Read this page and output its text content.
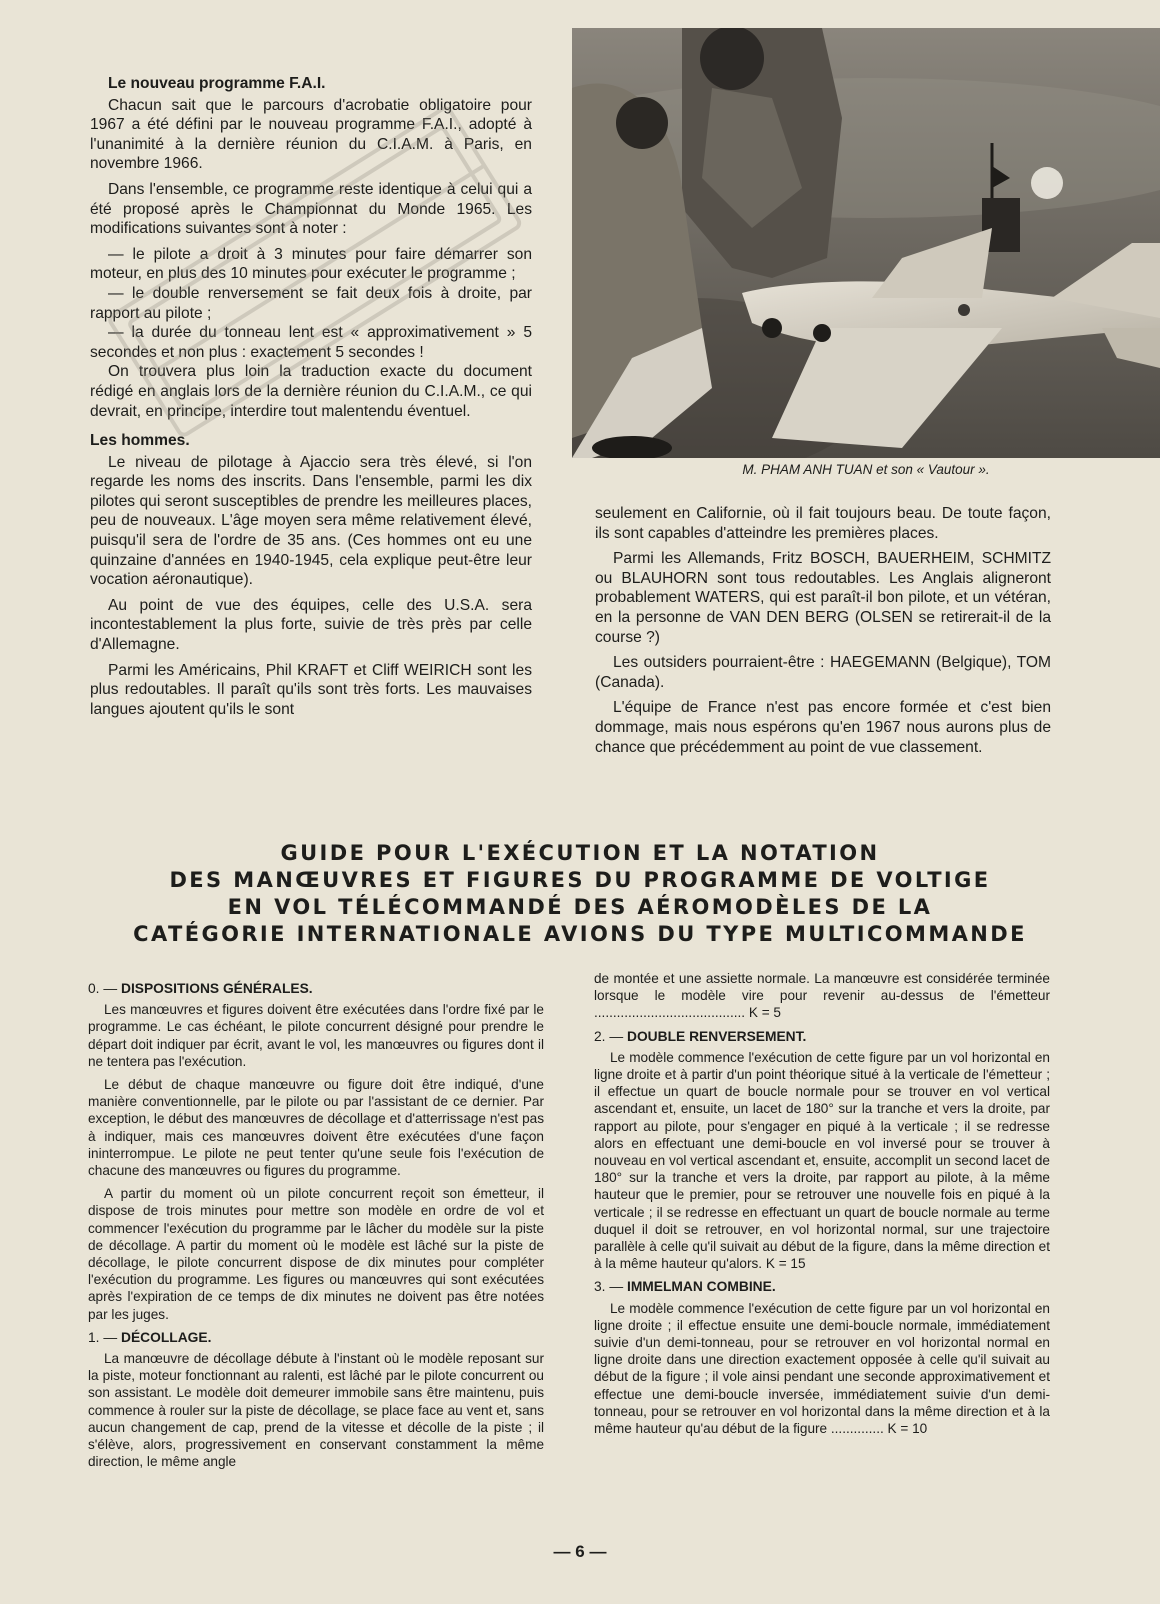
Le nouveau programme F.A.I.

Chacun sait que le parcours d'acrobatie obligatoire pour 1967 a été défini par le nouveau programme F.A.I., adopté à l'unanimité à la dernière réunion du C.I.A.M. à Paris, en novembre 1966.

Dans l'ensemble, ce programme reste identique à celui qui a été proposé après le Championnat du Monde 1965. Les modifications suivantes sont à noter :

— le pilote a droit à 3 minutes pour faire démarrer son moteur, en plus des 10 minutes pour exécuter le programme ;

— le double renversement se fait deux fois à droite, par rapport au pilote ;

— la durée du tonneau lent est « approximativement » 5 secondes et non plus : exactement 5 secondes !

On trouvera plus loin la traduction exacte du document rédigé en anglais lors de la dernière réunion du C.I.A.M., ce qui devrait, en principe, interdire tout malentendu éventuel.

Les hommes.

Le niveau de pilotage à Ajaccio sera très élevé, si l'on regarde les noms des inscrits. Dans l'ensemble, parmi les dix pilotes qui seront susceptibles de prendre les meilleures places, peu de nouveaux. L'âge moyen sera même relativement élevé, puisqu'il sera de l'ordre de 35 ans. (Ces hommes ont eu une quinzaine d'années en 1940-1945, cela explique peut-être leur vocation aéronautique).

Au point de vue des équipes, celle des U.S.A. sera incontestablement la plus forte, suivie de très près par celle d'Allemagne.

Parmi les Américains, Phil KRAFT et Cliff WEIRICH sont les plus redoutables. Il paraît qu'ils sont très forts. Les mauvaises langues ajoutent qu'ils le sont

M. PHAM ANH TUAN et son « Vautour ».

seulement en Californie, où il fait toujours beau. De toute façon, ils sont capables d'atteindre les premières places.

Parmi les Allemands, Fritz BOSCH, BAUERHEIM, SCHMITZ ou BLAUHORN sont tous redoutables. Les Anglais aligneront probablement WATERS, qui est paraît-il bon pilote, et un vétéran, en la personne de VAN DEN BERG (OLSEN se retirerait-il de la course ?)

Les outsiders pourraient-être : HAEGEMANN (Belgique), TOM (Canada).

L'équipe de France n'est pas encore formée et c'est bien dommage, mais nous espérons qu'en 1967 nous aurons plus de chance que précédemment au point de vue classement.

GUIDE POUR L'EXÉCUTION ET LA NOTATION
DES MANŒUVRES ET FIGURES DU PROGRAMME DE VOLTIGE
EN VOL TÉLÉCOMMANDÉ DES AÉROMODÈLES DE LA
CATÉGORIE INTERNATIONALE AVIONS DU TYPE MULTICOMMANDE
0. — DISPOSITIONS GÉNÉRALES.

Les manœuvres et figures doivent être exécutées dans l'ordre fixé par le programme. Le cas échéant, le pilote concurrent désigné pour prendre le départ doit indiquer par écrit, avant le vol, les manœuvres ou figures dont il ne tentera pas l'exécution.

Le début de chaque manœuvre ou figure doit être indiqué, d'une manière conventionnelle, par le pilote ou par l'assistant de ce dernier. Par exception, le début des manœuvres de décollage et d'atterrissage n'est pas à indiquer, mais ces manœuvres doivent être exécutées d'une façon ininterrompue. Le pilote ne peut tenter qu'une seule fois l'exécution de chacune des manœuvres ou figures du programme.

A partir du moment où un pilote concurrent reçoit son émetteur, il dispose de trois minutes pour mettre son modèle en ordre de vol et commencer l'exécution du programme par le lâcher du modèle sur la piste de décollage. A partir du moment où le modèle est lâché sur la piste de décollage, le pilote concurrent dispose de dix minutes pour compléter l'exécution du programme. Les figures ou manœuvres qui sont exécutées après l'expiration de ce temps de dix minutes ne doivent pas être notées par les juges.

1. — DÉCOLLAGE.

La manœuvre de décollage débute à l'instant où le modèle reposant sur la piste, moteur fonctionnant au ralenti, est lâché par le pilote concurrent ou son assistant. Le modèle doit demeurer immobile sans être maintenu, puis commence à rouler sur la piste de décollage, se place face au vent et, sans aucun changement de cap, prend de la vitesse et décolle de la piste ; il s'élève, alors, progressivement en conservant constamment la même direction, le même angle

de montée et une assiette normale. La manœuvre est considérée terminée lorsque le modèle vire pour revenir au-dessus de l'émetteur ........................................ K = 5

2. — DOUBLE RENVERSEMENT.

Le modèle commence l'exécution de cette figure par un vol horizontal en ligne droite et à partir d'un point théorique situé à la verticale de l'émetteur ; il effectue un quart de boucle normale pour se trouver en vol vertical ascendant et, ensuite, un lacet de 180° sur la tranche et vers la droite, par rapport au pilote, pour s'engager en piqué à la verticale ; il se redresse alors en effectuant une demi-boucle en vol inversé pour se trouver à nouveau en vol vertical ascendant et, ensuite, accomplit un second lacet de 180° sur la tranche et vers la droite, par rapport au pilote, à la même hauteur que le premier, pour se retrouver une nouvelle fois en piqué à la verticale ; il se redresse en effectuant un quart de boucle normale au terme duquel il doit se retrouver, en vol horizontal normal, sur une trajectoire parallèle à celle qu'il suivait au début de la figure, dans la même direction et à la même hauteur qu'alors. K = 15

3. — IMMELMAN COMBINE.

Le modèle commence l'exécution de cette figure par un vol horizontal en ligne droite ; il effectue ensuite une demi-boucle normale, immédiatement suivie d'un demi-tonneau, pour se retrouver en vol horizontal normal en ligne droite dans une direction exactement opposée à celle qu'il suivait au début de la figure ; il vole ainsi pendant une seconde approximativement et effectue une demi-boucle inversée, immédiatement suivie d'un demi-tonneau, pour se retrouver en vol horizontal dans la même direction et à la même hauteur qu'au début de la figure .............. K = 10

— 6 —
